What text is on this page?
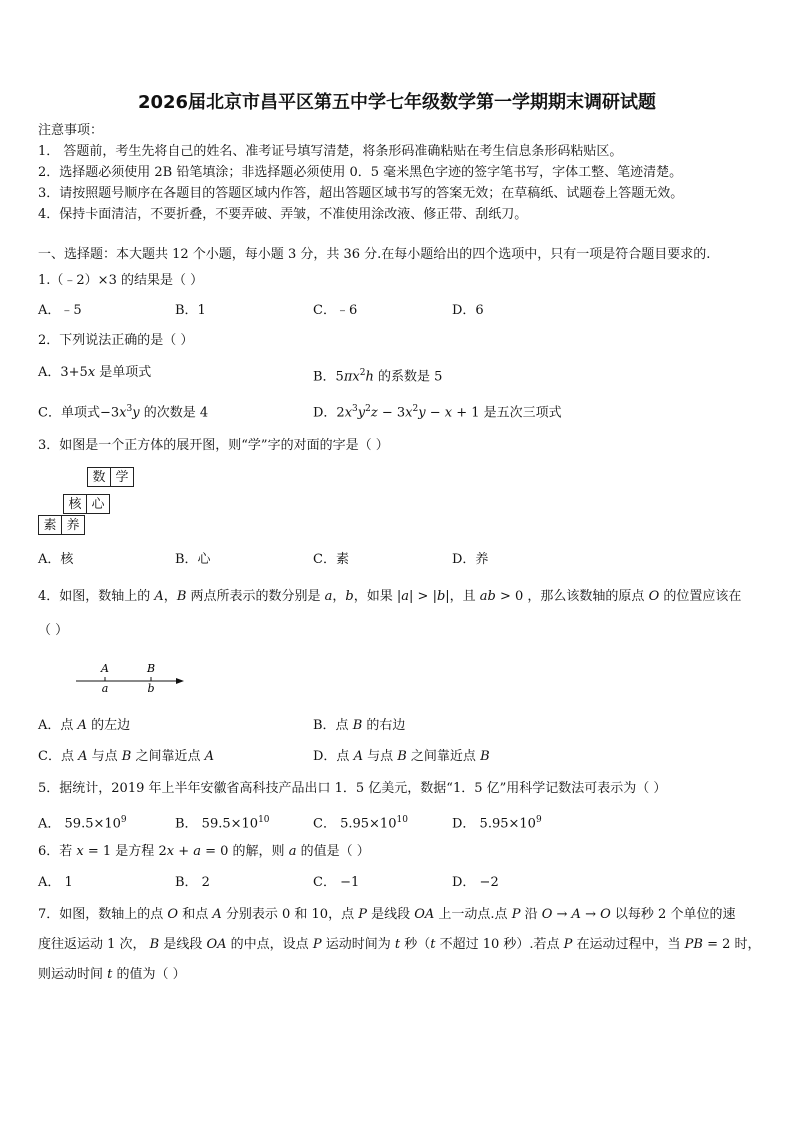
2026届北京市昌平区第五中学七年级数学第一学期期末调研试题
注意事项：
1． 答题前，考生先将自己的姓名、准考证号填写清楚，将条形码准确粘贴在考生信息条形码粘贴区。
2．选择题必须使用 2B 铅笔填涂；非选择题必须使用 0．5 毫米黑色字迹的签字笔书写，字体工整、笔迹清楚。
3．请按照题号顺序在各题目的答题区域内作答，超出答题区域书写的答案无效；在草稿纸、试题卷上答题无效。
4．保持卡面清洁，不要折叠，不要弄破、弄皱，不准使用涂改液、修正带、刮纸刀。
一、选择题：本大题共 12 个小题，每小题 3 分，共 36 分.在每小题给出的四个选项中，只有一项是符合题目要求的.
1.（﹣2）×3 的结果是（ ）
A．﹣5	B．1	C．﹣6	D．6
2．下列说法正确的是（ ）
A．3+5x 是单项式	B．$5\pi x^2h$ 的系数是 5
C．单项式$-3x^3y$ 的次数是 4	D．$2x^3y^2z - 3x^2y - x + 1$ 是五次三项式
3．如图是一个正方体的展开图，则“学”字的对面的字是（ ）
数 学
核 心
素 养
A．核	B．心	C．素	D．养
4．如图，数轴上的 A，B 两点所表示的数分别是 a，b，如果 |a| > |b|，且 ab > 0 ，那么该数轴的原点 O 的位置应该在
（ ）
A	B
a	b
A．点 A 的左边	B．点 B 的右边
C．点 A 与点 B 之间靠近点 A	D．点 A 与点 B 之间靠近点 B
5．据统计，2019 年上半年安徽省高科技产品出口 1．5 亿美元，数据“1．5 亿”用科学记数法可表示为（ ）
A． $59.5\times 10^9$	B． $59.5\times 10^{10}$	C． $5.95\times 10^{10}$	D． $5.95\times 10^9$
6．若 x = 1 是方程 2x + a = 0 的解，则 a 的值是（ ）
A． 1	B． 2	C． −1	D． −2
7．如图，数轴上的点 O 和点 A 分别表示 0 和 10，点 P 是线段 OA 上一动点.点 P 沿 O → A → O 以每秒 2 个单位的速
度往返运动 1 次， B 是线段 OA 的中点，设点 P 运动时间为 t 秒（t 不超过 10 秒）.若点 P 在运动过程中，当 PB = 2 时，
则运动时间 t 的值为（ ）
